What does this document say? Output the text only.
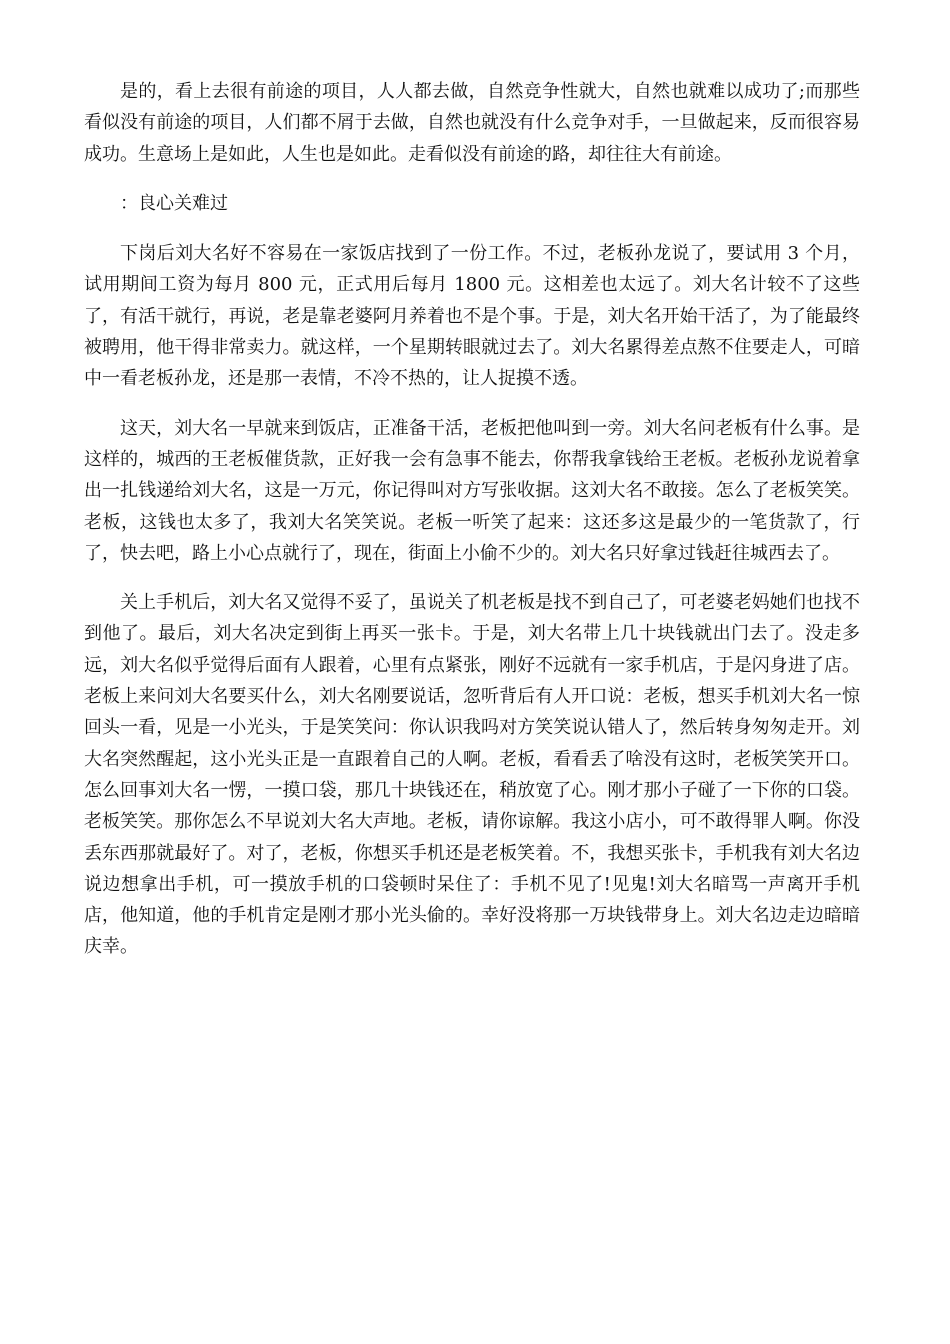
是的，看上去很有前途的项目，人人都去做，自然竞争性就大，自然也就难以成功了;而那些看似没有前途的项目，人们都不屑于去做，自然也就没有什么竞争对手，一旦做起来，反而很容易成功。生意场上是如此，人生也是如此。走看似没有前途的路，却往往大有前途。

：良心关难过

下岗后刘大名好不容易在一家饭店找到了一份工作。不过，老板孙龙说了，要试用 3 个月，试用期间工资为每月 800 元，正式用后每月 1800 元。这相差也太远了。刘大名计较不了这些了，有活干就行，再说，老是靠老婆阿月养着也不是个事。于是，刘大名开始干活了，为了能最终被聘用，他干得非常卖力。就这样，一个星期转眼就过去了。刘大名累得差点熬不住要走人，可暗中一看老板孙龙，还是那一表情，不冷不热的，让人捉摸不透。

这天，刘大名一早就来到饭店，正准备干活，老板把他叫到一旁。刘大名问老板有什么事。是这样的，城西的王老板催货款，正好我一会有急事不能去，你帮我拿钱给王老板。老板孙龙说着拿出一扎钱递给刘大名，这是一万元，你记得叫对方写张收据。这刘大名不敢接。怎么了老板笑笑。老板，这钱也太多了，我刘大名笑笑说。老板一听笑了起来：这还多这是最少的一笔货款了，行了，快去吧，路上小心点就行了，现在，街面上小偷不少的。刘大名只好拿过钱赶往城西去了。

关上手机后，刘大名又觉得不妥了，虽说关了机老板是找不到自己了，可老婆老妈她们也找不到他了。最后，刘大名决定到街上再买一张卡。于是，刘大名带上几十块钱就出门去了。没走多远，刘大名似乎觉得后面有人跟着，心里有点紧张，刚好不远就有一家手机店，于是闪身进了店。老板上来问刘大名要买什么，刘大名刚要说话，忽听背后有人开口说：老板，想买手机刘大名一惊回头一看，见是一小光头，于是笑笑问：你认识我吗对方笑笑说认错人了，然后转身匆匆走开。刘大名突然醒起，这小光头正是一直跟着自己的人啊。老板，看看丢了啥没有这时，老板笑笑开口。怎么回事刘大名一愣，一摸口袋，那几十块钱还在，稍放宽了心。刚才那小子碰了一下你的口袋。老板笑笑。那你怎么不早说刘大名大声地。老板，请你谅解。我这小店小，可不敢得罪人啊。你没丢东西那就最好了。对了，老板，你想买手机还是老板笑着。不，我想买张卡，手机我有刘大名边说边想拿出手机，可一摸放手机的口袋顿时呆住了：手机不见了!见鬼!刘大名暗骂一声离开手机店，他知道，他的手机肯定是刚才那小光头偷的。幸好没将那一万块钱带身上。刘大名边走边暗暗庆幸。
